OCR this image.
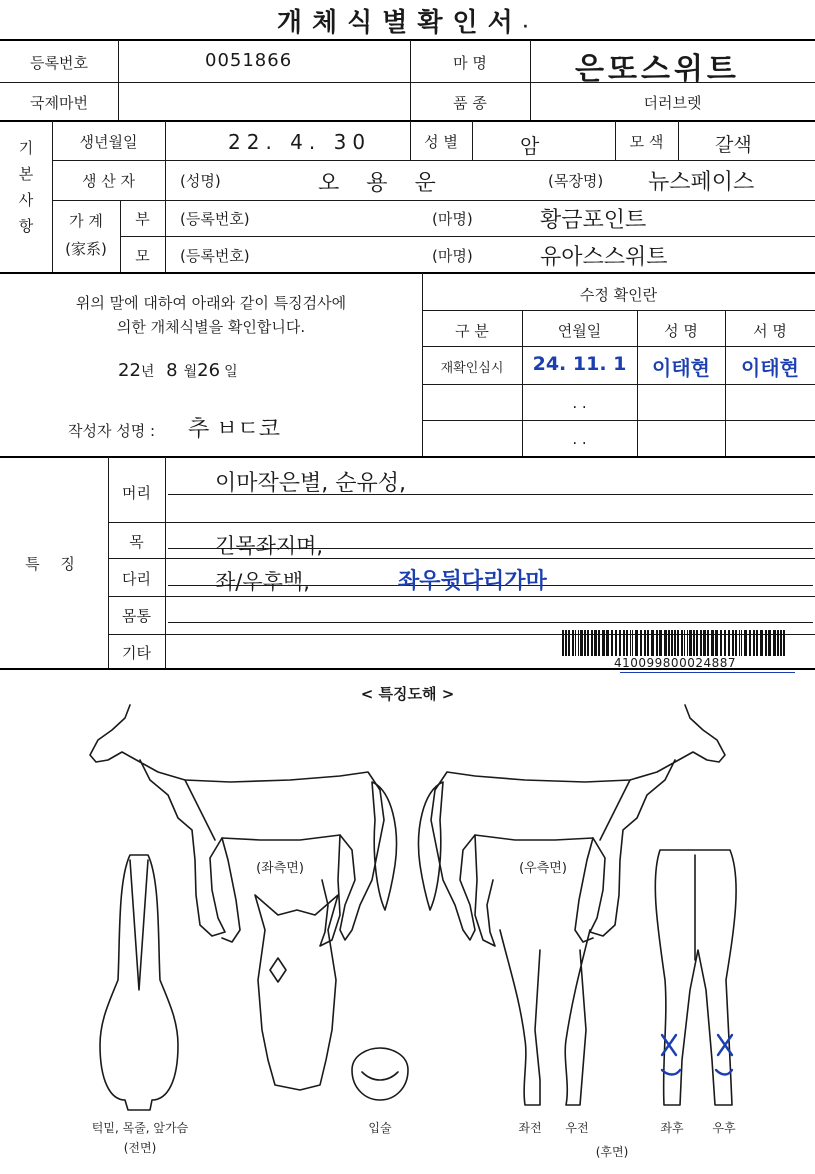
개체식별확인서·
등록번호	0051866
국제마번
마 명	은또스위트
품 종	더러브렛
기
본
사
항
생년월일	22. 4. 30	성 별	암	모 색	갈색
생 산 자	(성명)	오 용 운	(목장명) 뉴스페이스
가 계
(家系)
부	(등록번호)	(마명)	황금포인트
모	(등록번호)	(마명)	유아스스위트
위의 말에 대하여 아래와 같이 특징검사에
의한 개체식별을 확인합니다.
22년 8 월26 일
작성자 성명 : 추 ㅂㄷ코
수정 확인란
구 분	연월일	성 명	서 명
재확인심시	24. 11. 1	이태현	이태현
. .
. .
특 징
머리	이마작은별, 순유성,
목	긴목좌지며,
다리	좌/우후백,	좌우뒷다리가마
몸통
기타
410099800024887
< 특징도해 >
(좌측면)	(우측면)
턱밑, 목줄, 앞가슴
(전면)
입술	좌전 우전	좌후 우후
(후면)
